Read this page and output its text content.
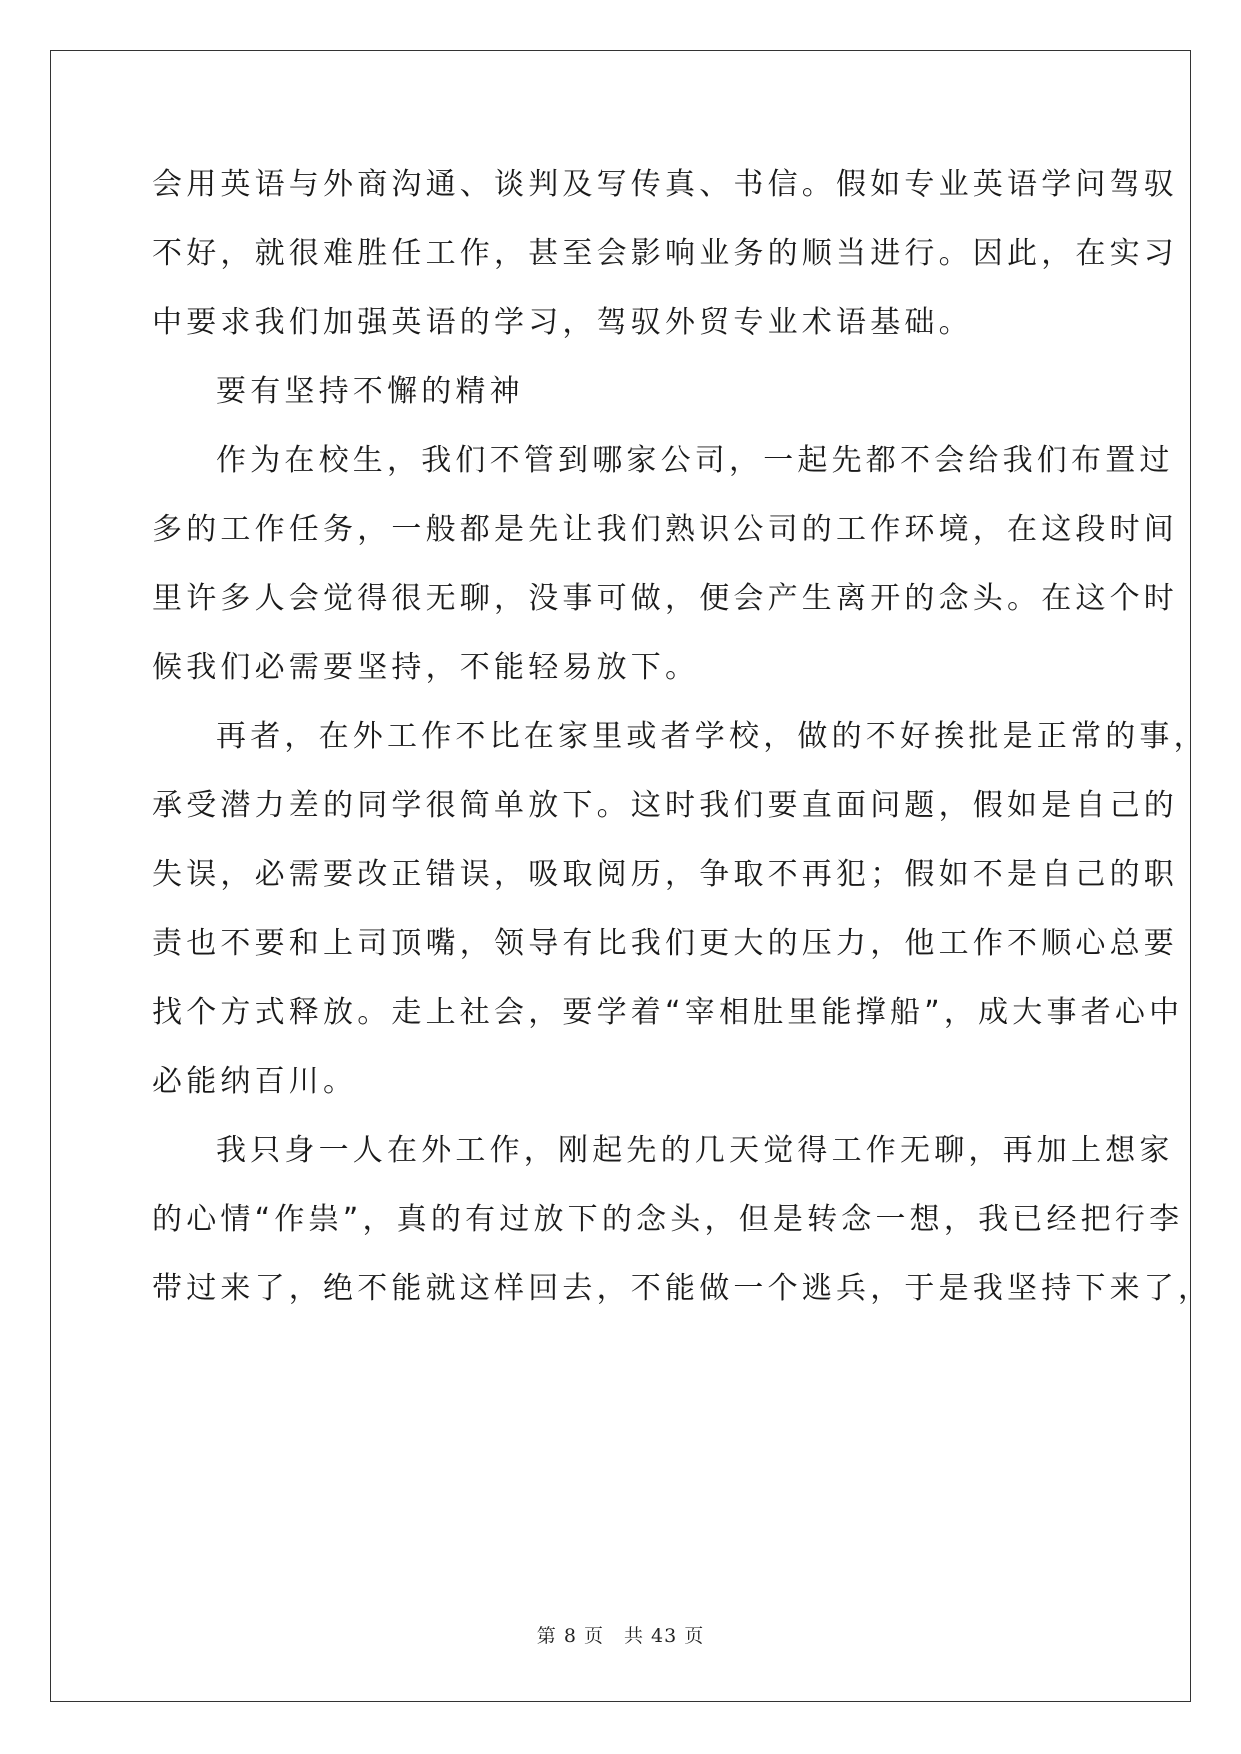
会用英语与外商沟通、谈判及写传真、书信。假如专业英语学问驾驭

不好，就很难胜任工作，甚至会影响业务的顺当进行。因此，在实习

中要求我们加强英语的学习，驾驭外贸专业术语基础。

要有坚持不懈的精神

作为在校生，我们不管到哪家公司，一起先都不会给我们布置过

多的工作任务，一般都是先让我们熟识公司的工作环境，在这段时间

里许多人会觉得很无聊，没事可做，便会产生离开的念头。在这个时

候我们必需要坚持，不能轻易放下。

再者，在外工作不比在家里或者学校，做的不好挨批是正常的事，

承受潜力差的同学很简单放下。这时我们要直面问题，假如是自己的

失误，必需要改正错误，吸取阅历，争取不再犯；假如不是自己的职

责也不要和上司顶嘴，领导有比我们更大的压力，他工作不顺心总要

找个方式释放。走上社会，要学着“宰相肚里能撑船”，成大事者心中

必能纳百川。

我只身一人在外工作，刚起先的几天觉得工作无聊，再加上想家

的心情“作祟”，真的有过放下的念头，但是转念一想，我已经把行李

带过来了，绝不能就这样回去，不能做一个逃兵，于是我坚持下来了，

第 8 页 共 43 页
